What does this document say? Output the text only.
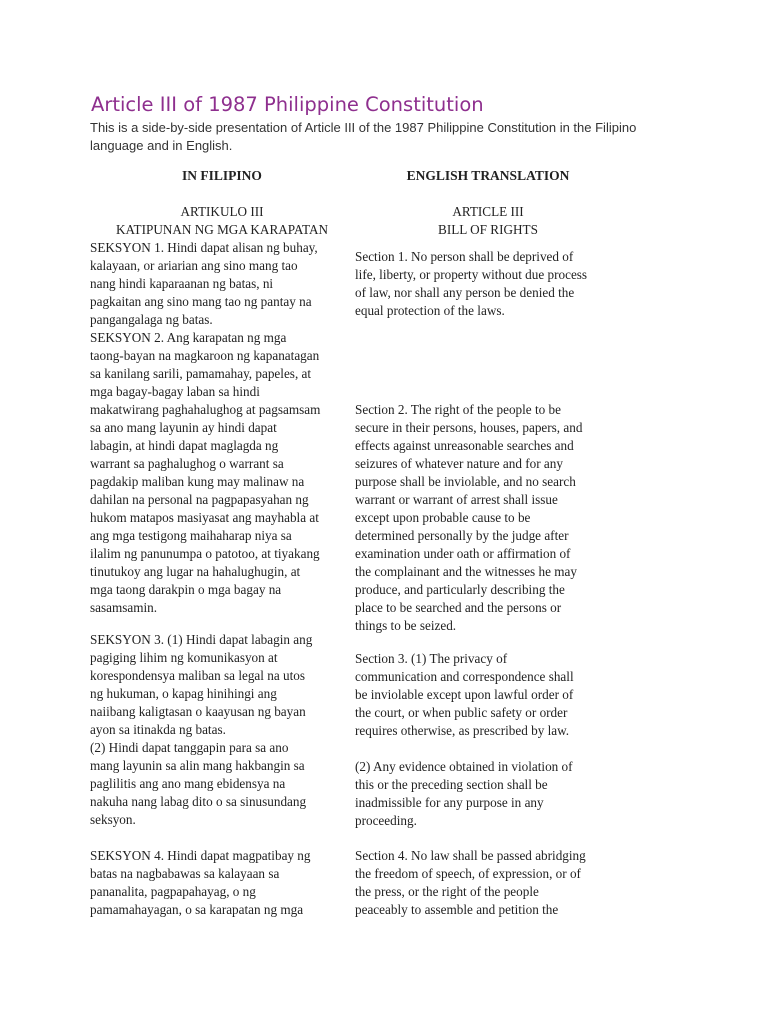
Article III of 1987 Philippine Constitution

This is a side-by-side presentation of Article III of the 1987 Philippine Constitution in the Filipino language and in English.

IN FILIPINO	ENGLISH TRANSLATION
ARTIKULO III
KATIPUNAN NG MGA KARAPATAN
ARTICLE III
BILL OF RIGHTS

SEKSYON 1. Hindi dapat alisan ng buhay,
kalayaan, or ariarian ang sino mang tao
nang hindi kaparaanan ng batas, ni
pagkaitan ang sino mang tao ng pantay na
pangangalaga ng batas.

SEKSYON 2. Ang karapatan ng mga
taong-bayan na magkaroon ng kapanatagan
sa kanilang sarili, pamamahay, papeles, at
mga bagay-bagay laban sa hindi
makatwirang paghahalughog at pagsamsam
sa ano mang layunin ay hindi dapat
labagin, at hindi dapat maglagda ng
warrant sa paghalughog o warrant sa
pagdakip maliban kung may malinaw na
dahilan na personal na pagpapasyahan ng
hukom matapos masiyasat ang mayhabla at
ang mga testigong maihaharap niya sa
ilalim ng panunumpa o patotoo, at tiyakang
tinutukoy ang lugar na hahalughugin, at
mga taong darakpin o mga bagay na
sasamsamin.

SEKSYON 3. (1) Hindi dapat labagin ang
pagiging lihim ng komunikasyon at
korespondensya maliban sa legal na utos
ng hukuman, o kapag hinihingi ang
naiibang kaligtasan o kaayusan ng bayan
ayon sa itinakda ng batas.

(2) Hindi dapat tanggapin para sa ano
mang layunin sa alin mang hakbangin sa
paglilitis ang ano mang ebidensya na
nakuha nang labag dito o sa sinusundang
seksyon.

SEKSYON 4. Hindi dapat magpatibay ng
batas na nagbabawas sa kalayaan sa
pananalita, pagpapahayag, o ng
pamamahayagan, o sa karapatan ng mga

Section 1. No person shall be deprived of
life, liberty, or property without due process
of law, nor shall any person be denied the
equal protection of the laws.

Section 2. The right of the people to be
secure in their persons, houses, papers, and
effects against unreasonable searches and
seizures of whatever nature and for any
purpose shall be inviolable, and no search
warrant or warrant of arrest shall issue
except upon probable cause to be
determined personally by the judge after
examination under oath or affirmation of
the complainant and the witnesses he may
produce, and particularly describing the
place to be searched and the persons or
things to be seized.

Section 3. (1) The privacy of
communication and correspondence shall
be inviolable except upon lawful order of
the court, or when public safety or order
requires otherwise, as prescribed by law.

(2) Any evidence obtained in violation of
this or the preceding section shall be
inadmissible for any purpose in any
proceeding.

Section 4. No law shall be passed abridging
the freedom of speech, of expression, or of
the press, or the right of the people
peaceably to assemble and petition the
